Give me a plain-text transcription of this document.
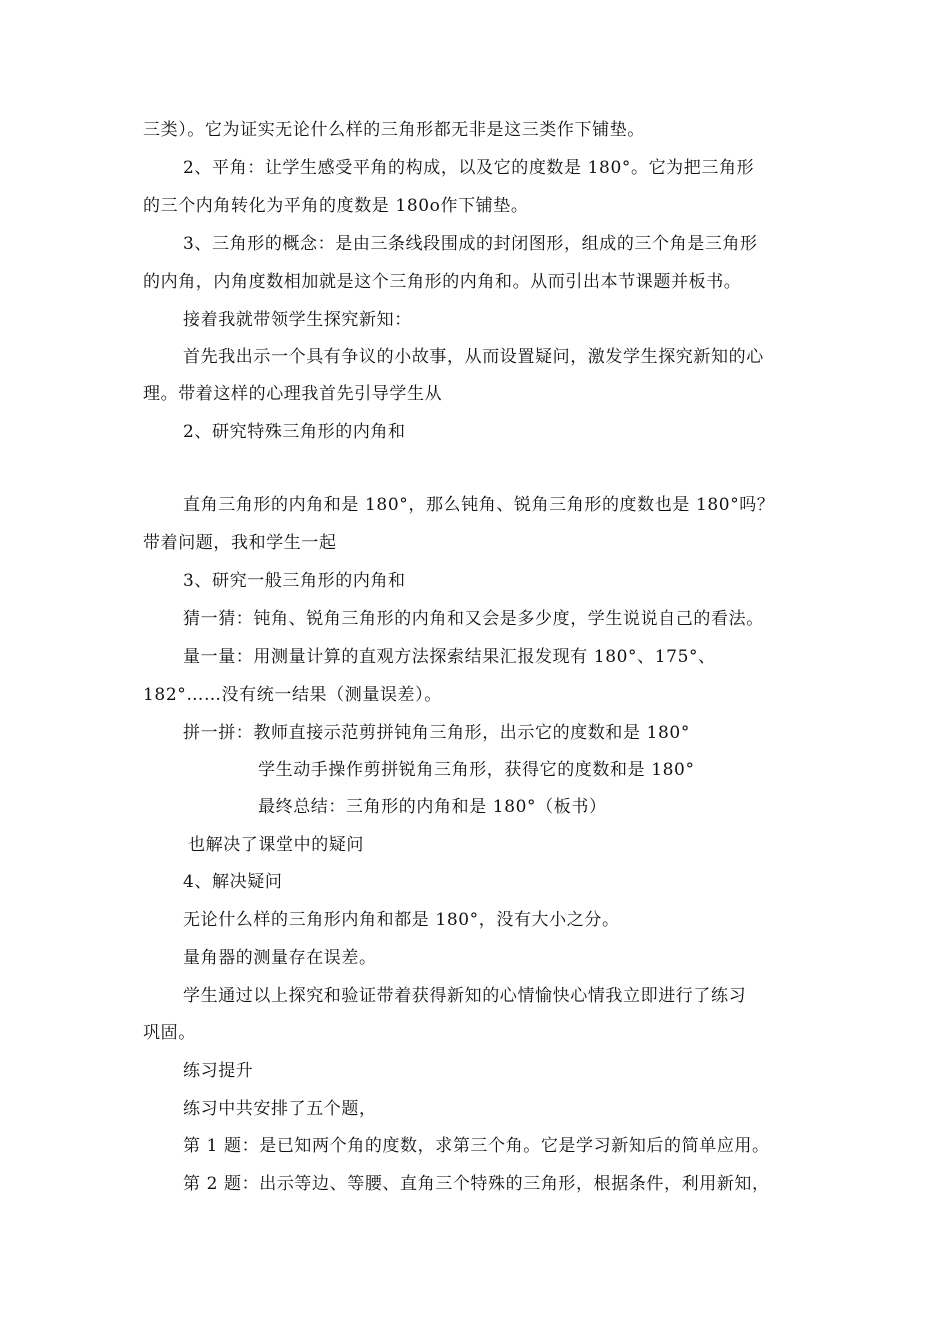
三类）。它为证实无论什么样的三角形都无非是这三类作下铺垫。
2、平角：让学生感受平角的构成，以及它的度数是 180°。它为把三角形
的三个内角转化为平角的度数是 180o作下铺垫。
3、三角形的概念：是由三条线段围成的封闭图形，组成的三个角是三角形
的内角，内角度数相加就是这个三角形的内角和。从而引出本节课题并板书。
接着我就带领学生探究新知：
首先我出示一个具有争议的小故事，从而设置疑问，激发学生探究新知的心
理。带着这样的心理我首先引导学生从
2、研究特殊三角形的内角和
直角三角形的内角和是 180°，那么钝角、锐角三角形的度数也是 180°吗？
带着问题，我和学生一起
3、研究一般三角形的内角和
猜一猜：钝角、锐角三角形的内角和又会是多少度，学生说说自己的看法。
量一量：用测量计算的直观方法探索结果汇报发现有 180°、175°、
182°……没有统一结果（测量误差）。
拼一拼：教师直接示范剪拼钝角三角形，出示它的度数和是 180°
学生动手操作剪拼锐角三角形，获得它的度数和是 180°
最终总结：三角形的内角和是 180°（板书）
也解决了课堂中的疑问
4、解决疑问
无论什么样的三角形内角和都是 180°，没有大小之分。
量角器的测量存在误差。
学生通过以上探究和验证带着获得新知的心情愉快心情我立即进行了练习
巩固。
练习提升
练习中共安排了五个题，
第 1 题：是已知两个角的度数，求第三个角。它是学习新知后的简单应用。
第 2 题：出示等边、等腰、直角三个特殊的三角形，根据条件，利用新知，
